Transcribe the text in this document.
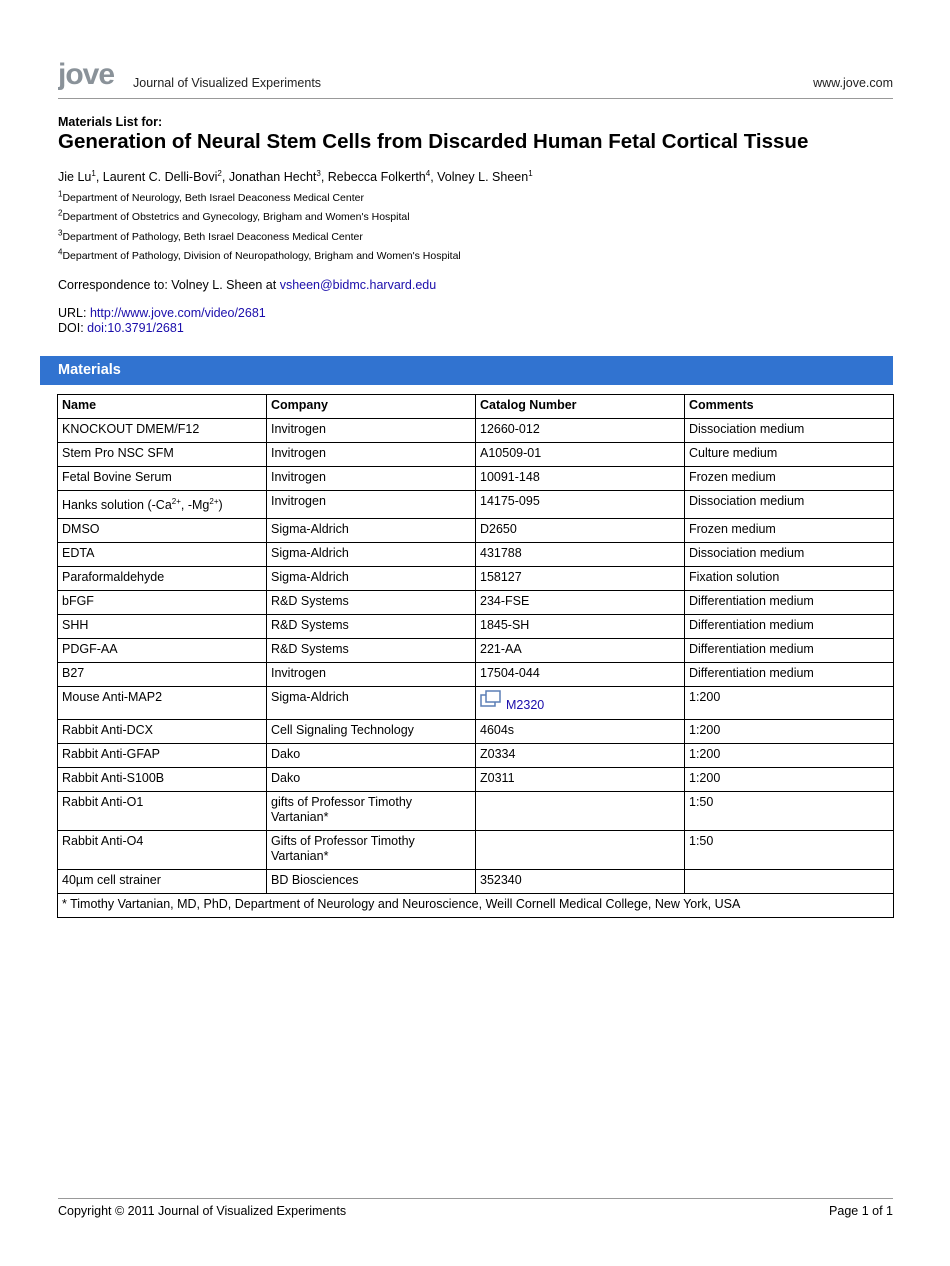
jove Journal of Visualized Experiments	www.jove.com
Materials List for:
Generation of Neural Stem Cells from Discarded Human Fetal Cortical Tissue
Jie Lu$^1$, Laurent C. Delli-Bovi$^2$, Jonathan Hecht$^3$, Rebecca Folkerth$^4$, Volney L. Sheen$^1$
$^1$Department of Neurology, Beth Israel Deaconess Medical Center
$^2$Department of Obstetrics and Gynecology, Brigham and Women's Hospital
$^3$Department of Pathology, Beth Israel Deaconess Medical Center
$^4$Department of Pathology, Division of Neuropathology, Brigham and Women's Hospital
Correspondence to: Volney L. Sheen at vsheen@bidmc.harvard.edu
URL: http://www.jove.com/video/2681
DOI: doi:10.3791/2681
Materials
Name	Company	Catalog Number	Comments
KNOCKOUT DMEM/F12	Invitrogen	12660-012	Dissociation medium
Stem Pro NSC SFM	Invitrogen	A10509-01	Culture medium
Fetal Bovine Serum	Invitrogen	10091-148	Frozen medium
Hanks solution ($-Ca^{2+}$, $-Mg^{2+}$)	Invitrogen	14175-095	Dissociation medium
DMSO	Sigma-Aldrich	D2650	Frozen medium
EDTA	Sigma-Aldrich	431788	Dissociation medium
Paraformaldehyde	Sigma-Aldrich	158127	Fixation solution
bFGF	R&D Systems	234-FSE	Differentiation medium
SHH	R&D Systems	1845-SH	Differentiation medium
PDGF-AA	R&D Systems	221-AA	Differentiation medium
B27	Invitrogen	17504-044	Differentiation medium
Mouse Anti-MAP2	Sigma-Aldrich	M2320	1:200
Rabbit Anti-DCX	Cell Signaling Technology	4604s	1:200
Rabbit Anti-GFAP	Dako	Z0334	1:200
Rabbit Anti-S100B	Dako	Z0311	1:200
Rabbit Anti-O1	gifts of Professor Timothy Vartanian*		1:50
Rabbit Anti-O4	Gifts of Professor Timothy Vartanian*		1:50
40µm cell strainer	BD Biosciences	352340	
* Timothy Vartanian, MD, PhD, Department of Neurology and Neuroscience, Weill Cornell Medical College, New York, USA			
Copyright © 2011 Journal of Visualized Experiments	Page 1 of 1
